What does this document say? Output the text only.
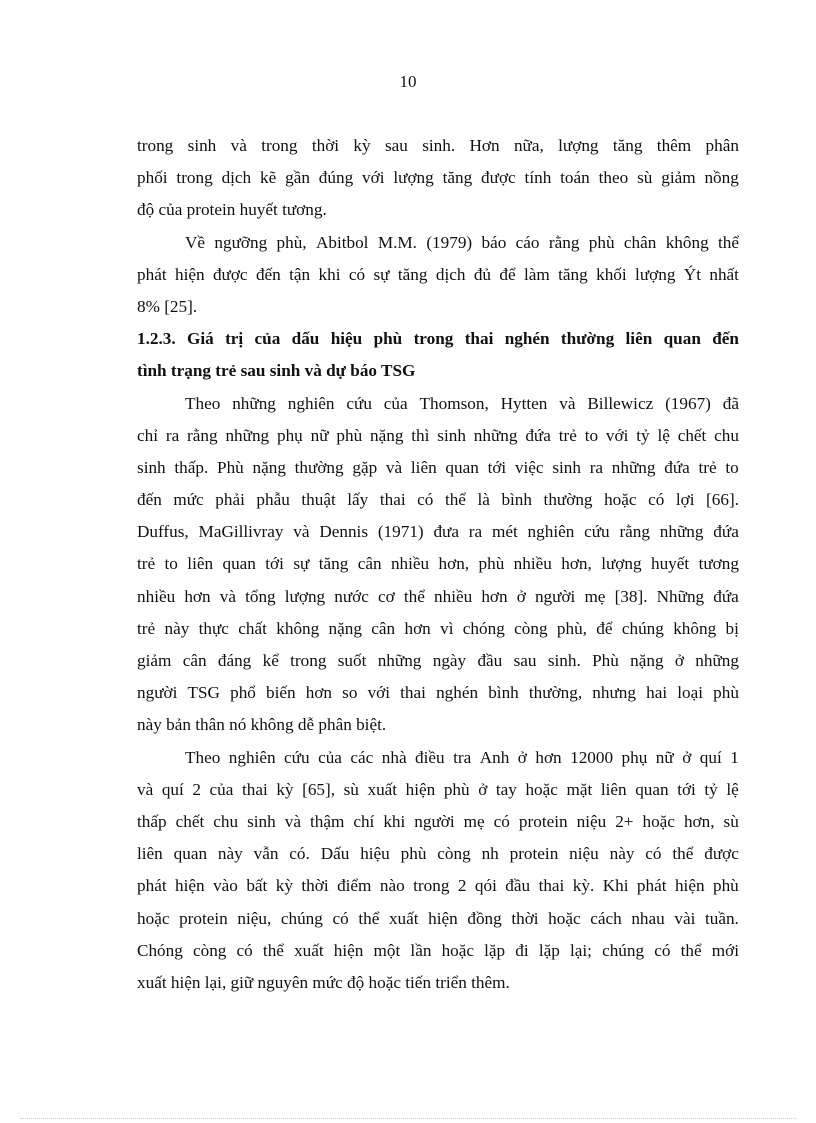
10
trong sinh và trong thời kỳ sau sinh. Hơn nữa, lượng tăng thêm phân
phối trong dịch kẽ gần đúng với lượng tăng được tính toán theo sù giảm nồng
độ của protein huyết tương.
Về ngưỡng phù, Abitbol M.M. (1979) báo cáo rằng phù chân không thể
phát hiện được đến tận khi có sự tăng dịch đủ để làm tăng khối lượng Ýt nhất
8% [25].
1.2.3. Giá trị của dấu hiệu phù trong thai nghén thường liên quan đến
tình trạng trẻ sau sinh và dự báo TSG
Theo những nghiên cứu của Thomson, Hytten và Billewicz (1967) đã
chỉ ra rằng những phụ nữ phù nặng thì sinh những đứa trẻ to với tỷ lệ chết chu
sinh thấp. Phù nặng thường gặp và liên quan tới việc sinh ra những đứa trẻ to
đến mức phải phẫu thuật lấy thai có thể là bình thường hoặc có lợi [66].
Duffus, MaGillivray và Dennis (1971) đưa ra mét nghiên cứu rằng những đứa
trẻ to liên quan tới sự tăng cân nhiều hơn, phù nhiều hơn, lượng huyết tương
nhiều hơn và tổng lượng nước cơ thể nhiều hơn ở người mẹ [38]. Những đứa
trẻ này thực chất không nặng cân hơn vì chóng còng phù, để chúng không bị
giảm cân đáng kể trong suốt những ngày đầu sau sinh. Phù nặng ở những
người TSG phổ biến hơn so với thai nghén bình thường, nhưng hai loại phù
này bản thân nó không dễ phân biệt.
Theo nghiên cứu của các nhà điều tra Anh ở hơn 12000 phụ nữ ở quí 1
và quí 2 của thai kỳ [65], sù xuất hiện phù ở tay hoặc mặt liên quan tới tỷ lệ
thấp chết chu sinh và thậm chí khi người mẹ có protein niệu 2+ hoặc hơn, sù
liên quan này vẫn có. Dấu hiệu phù còng nh protein niệu này có thể được
phát hiện vào bất kỳ thời điểm nào trong 2 qói đầu thai kỳ. Khi phát hiện phù
hoặc protein niệu, chúng có thể xuất hiện đồng thời hoặc cách nhau vài tuần.
Chóng còng có thể xuất hiện một lần hoặc lặp đi lặp lại; chúng có thể mới
xuất hiện lại, giữ nguyên mức độ hoặc tiến triển thêm.
